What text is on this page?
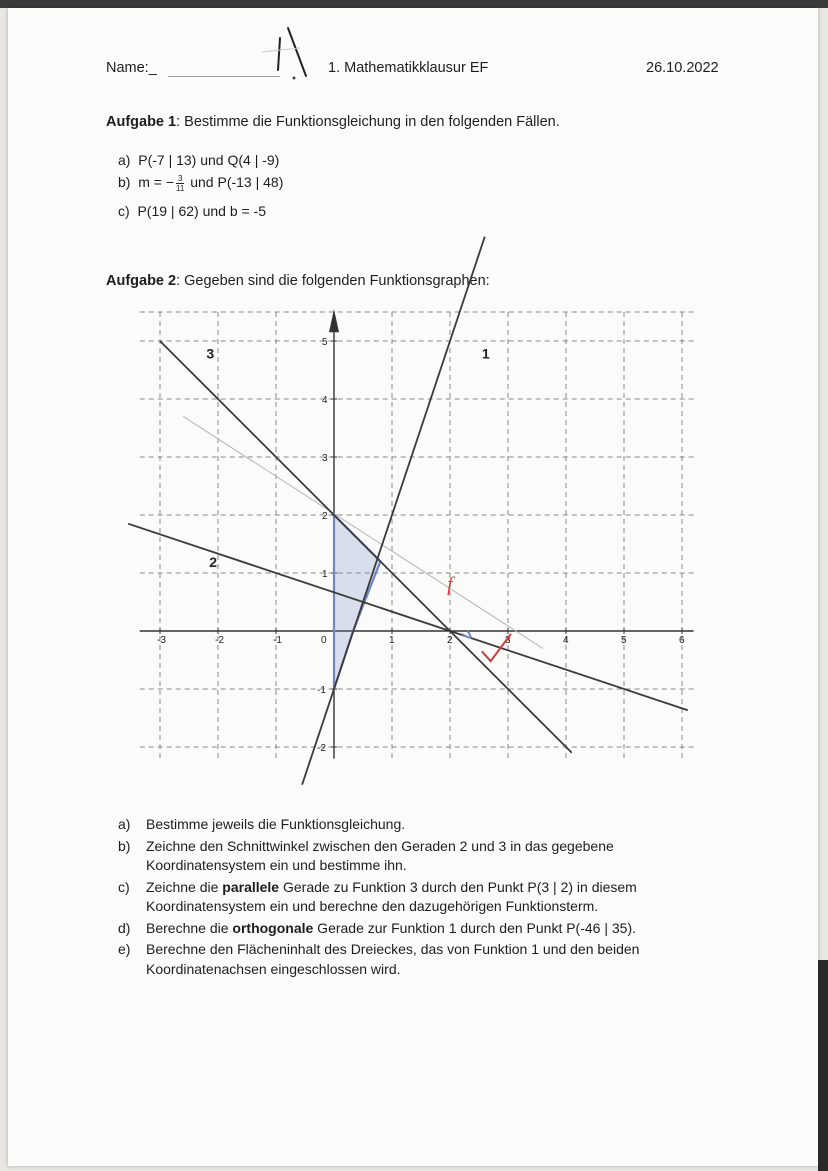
Name:_	1. Mathematikklausur EF	26.10.2022
Aufgabe 1: Bestimme die Funktionsgleichung in den folgenden Fällen.
a) P(-7 | 13) und Q(4 | -9)
b) m = − $\frac{3}{11}$ und P(-13 | 48)
c) P(19 | 62) und b = -5
Aufgabe 2: Gegeben sind die folgenden Funktionsgraphen:
-3	-2	-1	0	1	2	3	4	5	6
5
4
3
2
1
-1
-2
1
2
3
f
1\
a) Bestimme jeweils die Funktionsgleichung.
b) Zeichne den Schnittwinkel zwischen den Geraden 2 und 3 in das gegebene Koordinatensystem ein und bestimme ihn.
c) Zeichne die parallele Gerade zu Funktion 3 durch den Punkt P(3 | 2) in diesem Koordinatensystem ein und berechne den dazugehörigen Funktionsterm.
d) Berechne die orthogonale Gerade zur Funktion 1 durch den Punkt P(-46 | 35).
e) Berechne den Flächeninhalt des Dreieckes, das von Funktion 1 und den beiden Koordinatenachsen eingeschlossen wird.
